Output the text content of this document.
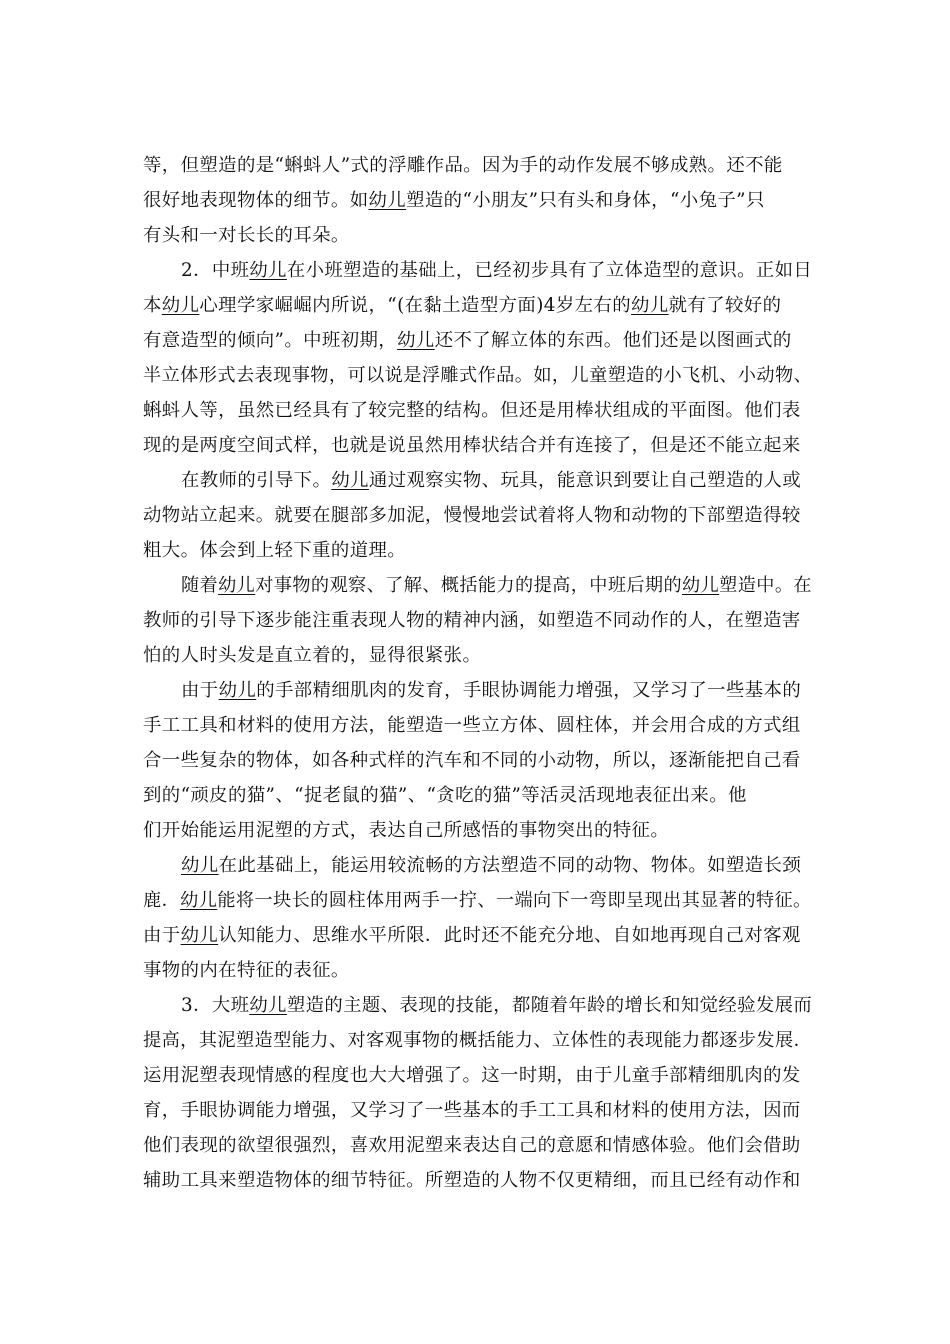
等，但塑造的是“蝌蚪人”式的浮雕作品。因为手的动作发展不够成熟。还不能
很好地表现物体的细节。如幼儿塑造的“小朋友”只有头和身体，“小兔子”只
有头和一对长长的耳朵。
2．中班幼儿在小班塑造的基础上，已经初步具有了立体造型的意识。正如日
本幼儿心理学家崛崛内所说，“(在黏土造型方面)4岁左右的幼儿就有了较好的
有意造型的倾向”。中班初期，幼儿还不了解立体的东西。他们还是以图画式的
半立体形式去表现事物，可以说是浮雕式作品。如，儿童塑造的小飞机、小动物、
蝌蚪人等，虽然已经具有了较完整的结构。但还是用棒状组成的平面图。他们表
现的是两度空间式样，也就是说虽然用棒状结合并有连接了，但是还不能立起来
在教师的引导下。幼儿通过观察实物、玩具，能意识到要让自己塑造的人或
动物站立起来。就要在腿部多加泥，慢慢地尝试着将人物和动物的下部塑造得较
粗大。体会到上轻下重的道理。
随着幼儿对事物的观察、了解、概括能力的提高，中班后期的幼儿塑造中。在
教师的引导下逐步能注重表现人物的精神内涵，如塑造不同动作的人，在塑造害
怕的人时头发是直立着的，显得很紧张。
由于幼儿的手部精细肌肉的发育，手眼协调能力增强，又学习了一些基本的
手工工具和材料的使用方法，能塑造一些立方体、圆柱体，并会用合成的方式组
合一些复杂的物体，如各种式样的汽车和不同的小动物，所以，逐渐能把自己看
到的“顽皮的猫”、“捉老鼠的猫”、“贪吃的猫”等活灵活现地表征出来。他
们开始能运用泥塑的方式，表达自己所感悟的事物突出的特征。
幼儿在此基础上，能运用较流畅的方法塑造不同的动物、物体。如塑造长颈
鹿．幼儿能将一块长的圆柱体用两手一拧、一端向下一弯即呈现出其显著的特征。
由于幼儿认知能力、思维水平所限．此时还不能充分地、自如地再现自己对客观
事物的内在特征的表征。
3．大班幼儿塑造的主题、表现的技能，都随着年龄的增长和知觉经验发展而
提高，其泥塑造型能力、对客观事物的概括能力、立体性的表现能力都逐步发展．
运用泥塑表现情感的程度也大大增强了。这一时期，由于儿童手部精细肌肉的发
育，手眼协调能力增强，又学习了一些基本的手工工具和材料的使用方法，因而
他们表现的欲望很强烈，喜欢用泥塑来表达自己的意愿和情感体验。他们会借助
辅助工具来塑造物体的细节特征。所塑造的人物不仅更精细，而且已经有动作和
